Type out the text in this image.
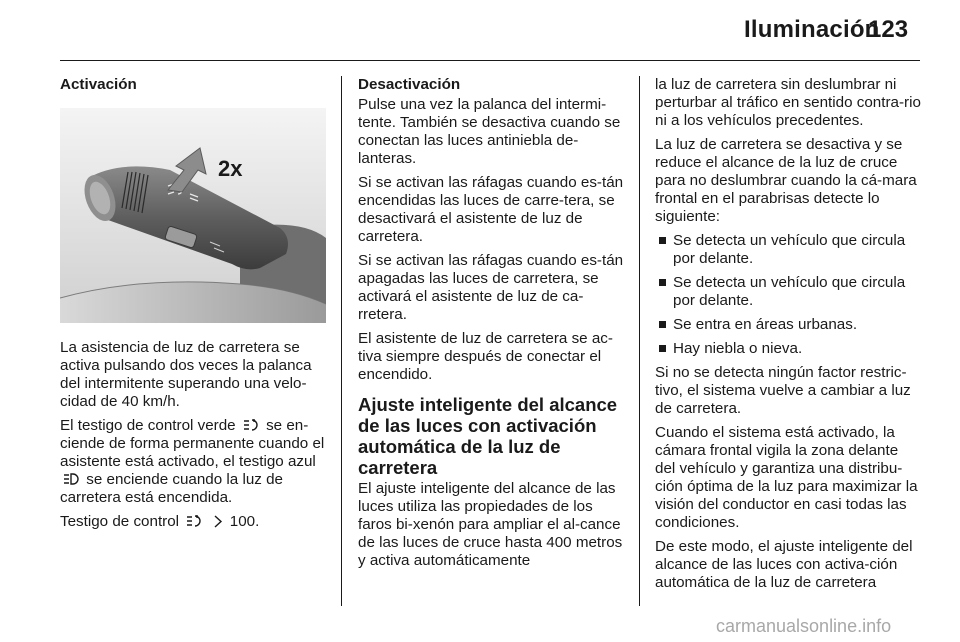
Iluminación
123
Activación
2x

La asistencia de luz de carretera se activa pulsando dos veces la palanca del intermitente superando una velo-cidad de 40 km/h.

El testigo de control verde se en-ciende de forma permanente cuando el asistente está activado, el testigo azul  se enciende cuando la luz de carretera está encendida.

Testigo de control	100.

Desactivación

Pulse una vez la palanca del intermi-tente. También se desactiva cuando se conectan las luces antiniebla de-lanteras.

Si se activan las ráfagas cuando es-tán encendidas las luces de carre-tera, se desactivará el asistente de luz de carretera.

Si se activan las ráfagas cuando es-tán apagadas las luces de carretera, se activará el asistente de luz de ca-rretera.

El asistente de luz de carretera se ac-tiva siempre después de conectar el encendido.

Ajuste inteligente del alcance de las luces con activación automática de la luz de carretera

El ajuste inteligente del alcance de las luces utiliza las propiedades de los faros bi-xenón para ampliar el al-cance de las luces de cruce hasta 400 metros y activa automáticamente

la luz de carretera sin deslumbrar ni perturbar al tráfico en sentido contra-rio ni a los vehículos precedentes.

La luz de carretera se desactiva y se reduce el alcance de la luz de cruce para no deslumbrar cuando la cá-mara frontal en el parabrisas detecte lo siguiente:

Se detecta un vehículo que circula por delante.
Se detecta un vehículo que circula por delante.
Se entra en áreas urbanas.
Hay niebla o nieva.

Si no se detecta ningún factor restric-tivo, el sistema vuelve a cambiar a luz de carretera.

Cuando el sistema está activado, la cámara frontal vigila la zona delante del vehículo y garantiza una distribu-ción óptima de la luz para maximizar la visión del conductor en casi todas las condiciones.

De este modo, el ajuste inteligente del alcance de las luces con activa-ción automática de la luz de carretera

carmanualsonline.info
